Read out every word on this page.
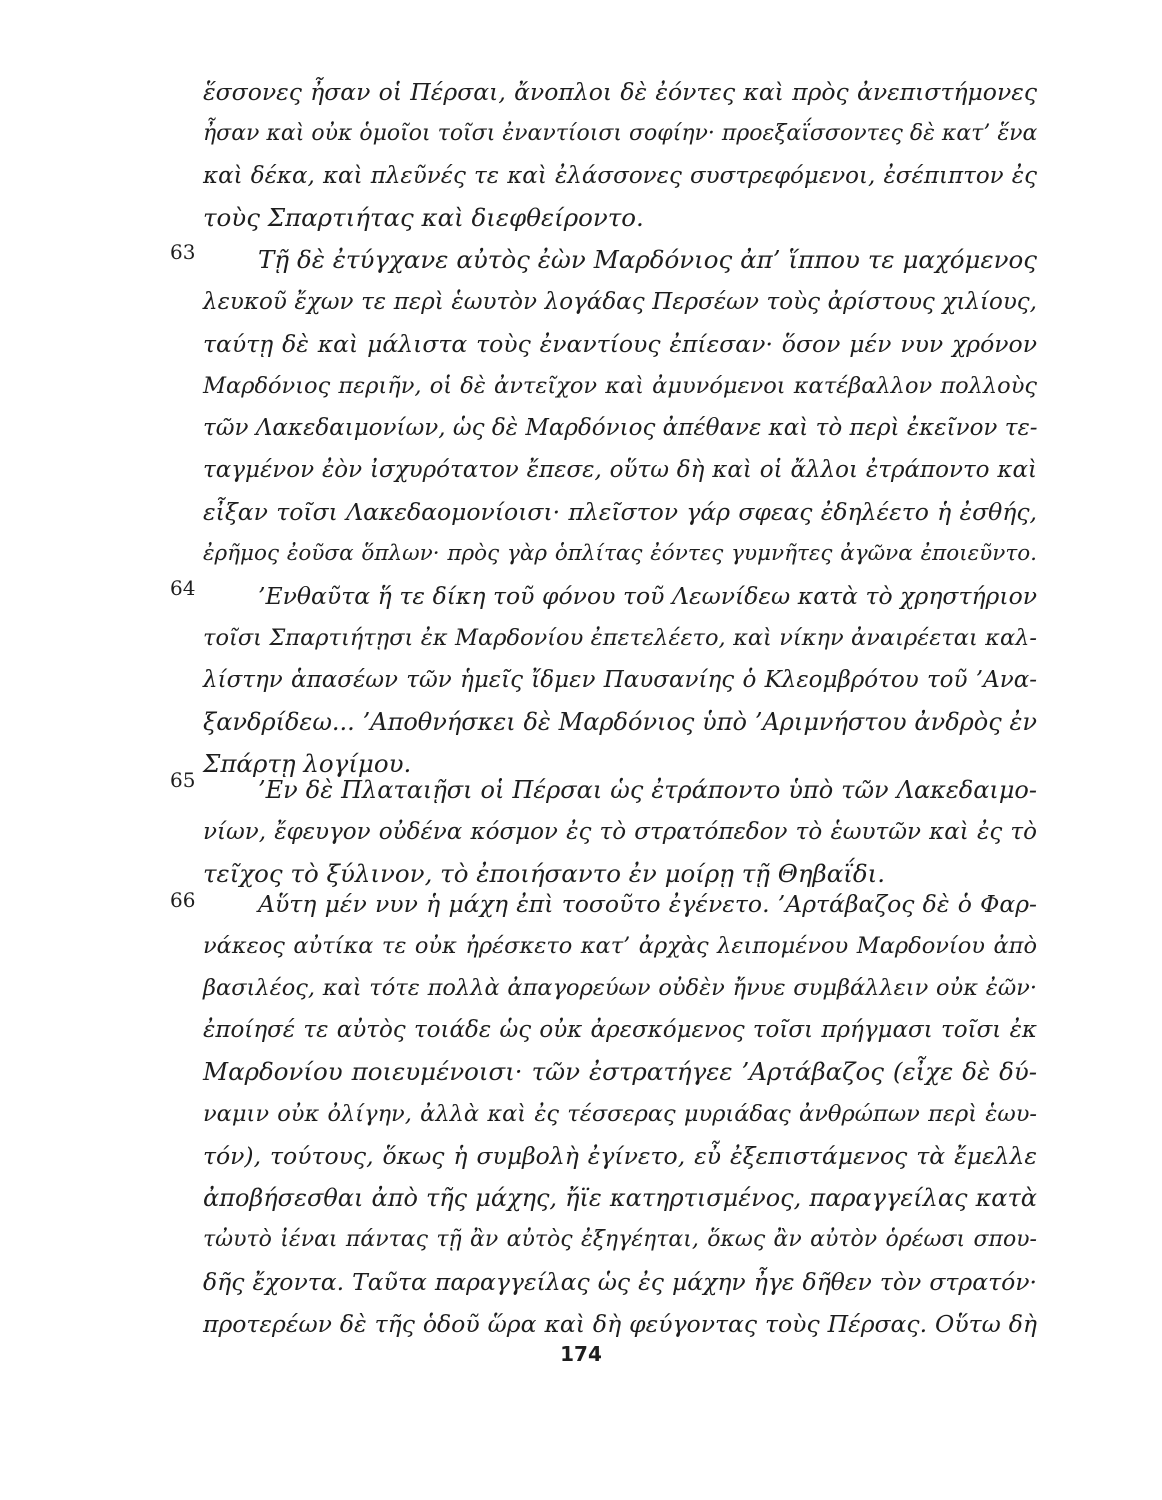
ἕσσονες ἦσαν οἱ Πέρσαι, ἄνοπλοι δὲ ἐόντες καὶ πρὸς ἀνεπιστήμονες
ἦσαν καὶ οὐκ ὁμοῖοι τοῖσι ἐναντίοισι σοφίην· προεξαΐσσοντες δὲ κατ’ ἕνα
καὶ δέκα, καὶ πλεῦνές τε καὶ ἐλάσσονες συστρεφόμενοι, ἐσέπιπτον ἐς
τοὺς Σπαρτιήτας καὶ διεφθείροντο.
63	Τῇ δὲ ἐτύγχανε αὐτὸς ἐὼν Μαρδόνιος ἀπ’ ἵππου τε μαχόμενος
λευκοῦ ἔχων τε περὶ ἑωυτὸν λογάδας Περσέων τοὺς ἀρίστους χιλίους,
ταύτῃ δὲ καὶ μάλιστα τοὺς ἐναντίους ἐπίεσαν· ὅσον μέν νυν χρόνον
Μαρδόνιος περιῆν, οἱ δὲ ἀντεῖχον καὶ ἀμυνόμενοι κατέβαλλον πολλοὺς
τῶν Λακεδαιμονίων, ὡς δὲ Μαρδόνιος ἀπέθανε καὶ τὸ περὶ ἐκεῖνον τε-
ταγμένον ἐὸν ἰσχυρότατον ἔπεσε, οὕτω δὴ καὶ οἱ ἄλλοι ἐτράποντο καὶ
εἶξαν τοῖσι Λακεδαομονίοισι· πλεῖστον γάρ σφεας ἐδηλέετο ἡ ἐσθής,
ἐρῆμος ἐοῦσα ὅπλων· πρὸς γὰρ ὁπλίτας ἐόντες γυμνῆτες ἀγῶνα ἐποιεῦντο.
64	’Ενθαῦτα ἥ τε δίκη τοῦ φόνου τοῦ Λεωνίδεω κατὰ τὸ χρηστήριον
τοῖσι Σπαρτιήτῃσι ἐκ Μαρδονίου ἐπετελέετο, καὶ νίκην ἀναιρέεται καλ-
λίστην ἁπασέων τῶν ἡμεῖς ἴδμεν Παυσανίης ὁ Κλεομβρότου τοῦ ’Ανα-
ξανδρίδεω... ’Αποθνήσκει δὲ Μαρδόνιος ὑπὸ ’Αριμνήστου ἀνδρὸς ἐν
Σπάρτῃ λογίμου.
65	’Εν δὲ Πλαταιῇσι οἱ Πέρσαι ὡς ἐτράποντο ὑπὸ τῶν Λακεδαιμο-
νίων, ἔφευγον οὐδένα κόσμον ἐς τὸ στρατόπεδον τὸ ἑωυτῶν καὶ ἐς τὸ
τεῖχος τὸ ξύλινον, τὸ ἐποιήσαντο ἐν μοίρῃ τῇ Θηβαΐδι.
66	Αὕτη μέν νυν ἡ μάχη ἐπὶ τοσοῦτο ἐγένετο. ’Αρτάβαζος δὲ ὁ Φαρ-
νάκεος αὐτίκα τε οὐκ ἠρέσκετο κατ’ ἀρχὰς λειπομένου Μαρδονίου ἀπὸ
βασιλέος, καὶ τότε πολλὰ ἀπαγορεύων οὐδὲν ἤνυε συμβάλλειν οὐκ ἐῶν·
ἐποίησέ τε αὐτὸς τοιάδε ὡς οὐκ ἀρεσκόμενος τοῖσι πρήγμασι τοῖσι ἐκ
Μαρδονίου ποιευμένοισι· τῶν ἐστρατήγεε ’Αρτάβαζος (εἶχε δὲ δύ-
ναμιν οὐκ ὀλίγην, ἀλλὰ καὶ ἐς τέσσερας μυριάδας ἀνθρώπων περὶ ἑωυ-
τόν), τούτους, ὅκως ἡ συμβολὴ ἐγίνετο, εὖ ἐξεπιστάμενος τὰ ἔμελλε
ἀποβήσεσθαι ἀπὸ τῆς μάχης, ἤϊε κατηρτισμένος, παραγγείλας κατὰ
τὠυτὸ ἰέναι πάντας τῇ ἂν αὐτὸς ἐξηγέηται, ὅκως ἂν αὐτὸν ὁρέωσι σπου-
δῆς ἔχοντα. Ταῦτα παραγγείλας ὡς ἐς μάχην ἦγε δῆθεν τὸν στρατόν·
προτερέων δὲ τῆς ὁδοῦ ὥρα καὶ δὴ φεύγοντας τοὺς Πέρσας. Οὕτω δὴ
174
